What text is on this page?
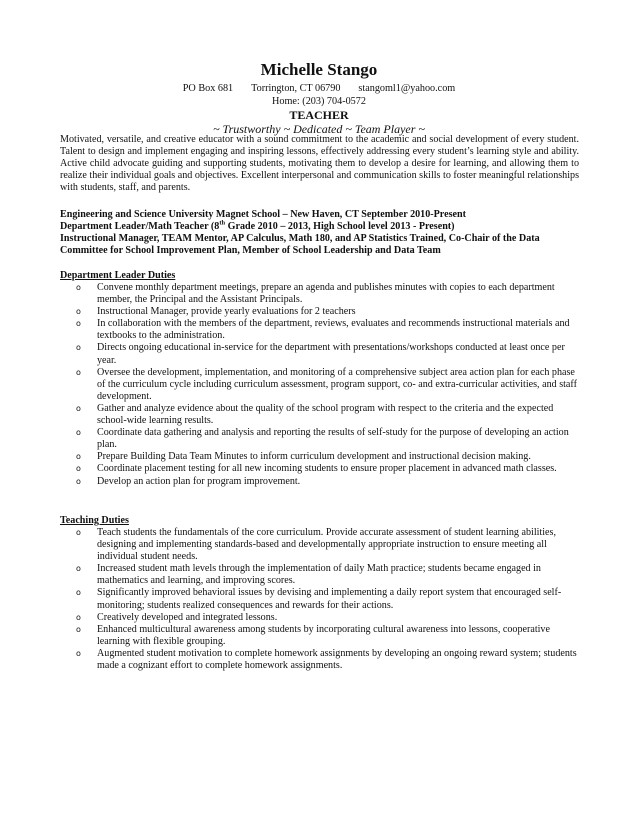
Michelle Stango
PO Box 681 Torrington, CT 06790 stangoml1@yahoo.com
Home: (203) 704-0572
TEACHER
~ Trustworthy ~ Dedicated ~ Team Player ~
Motivated, versatile, and creative educator with a sound commitment to the academic and social development of every student. Talent to design and implement engaging and inspiring lessons, effectively addressing every student’s learning style and ability. Active child advocate guiding and supporting students, motivating them to develop a desire for learning, and allowing them to realize their individual goals and objectives. Excellent interpersonal and communication skills to foster meaningful relationships with students, staff, and parents.
Engineering and Science University Magnet School – New Haven, CT September 2010-Present
Department Leader/Math Teacher (8th Grade 2010 – 2013, High School level 2013 - Present)
Instructional Manager, TEAM Mentor, AP Calculus, Math 180, and AP Statistics Trained, Co-Chair of the Data
Committee for School Improvement Plan, Member of School Leadership and Data Team
Department Leader Duties
o Convene monthly department meetings, prepare an agenda and publishes minutes with copies to each department member, the Principal and the Assistant Principals.
o Instructional Manager, provide yearly evaluations for 2 teachers
o In collaboration with the members of the department, reviews, evaluates and recommends instructional materials and textbooks to the administration.
o Directs ongoing educational in-service for the department with presentations/workshops conducted at least once per year.
o Oversee the development, implementation, and monitoring of a comprehensive subject area action plan for each phase of the curriculum cycle including curriculum assessment, program support, co- and extra-curricular activities, and staff development.
o Gather and analyze evidence about the quality of the school program with respect to the criteria and the expected school-wide learning results.
o Coordinate data gathering and analysis and reporting the results of self-study for the purpose of developing an action plan.
o Prepare Building Data Team Minutes to inform curriculum development and instructional decision making.
o Coordinate placement testing for all new incoming students to ensure proper placement in advanced math classes.
o Develop an action plan for program improvement.
Teaching Duties
o Teach students the fundamentals of the core curriculum. Provide accurate assessment of student learning abilities, designing and implementing standards-based and developmentally appropriate instruction to ensure meeting all individual student needs.
o Increased student math levels through the implementation of daily Math practice; students became engaged in mathematics and learning, and improving scores.
o Significantly improved behavioral issues by devising and implementing a daily report system that encouraged self-monitoring; students realized consequences and rewards for their actions.
o Creatively developed and integrated lessons.
o Enhanced multicultural awareness among students by incorporating cultural awareness into lessons, cooperative learning with flexible grouping.
o Augmented student motivation to complete homework assignments by developing an ongoing reward system; students made a cognizant effort to complete homework assignments.
